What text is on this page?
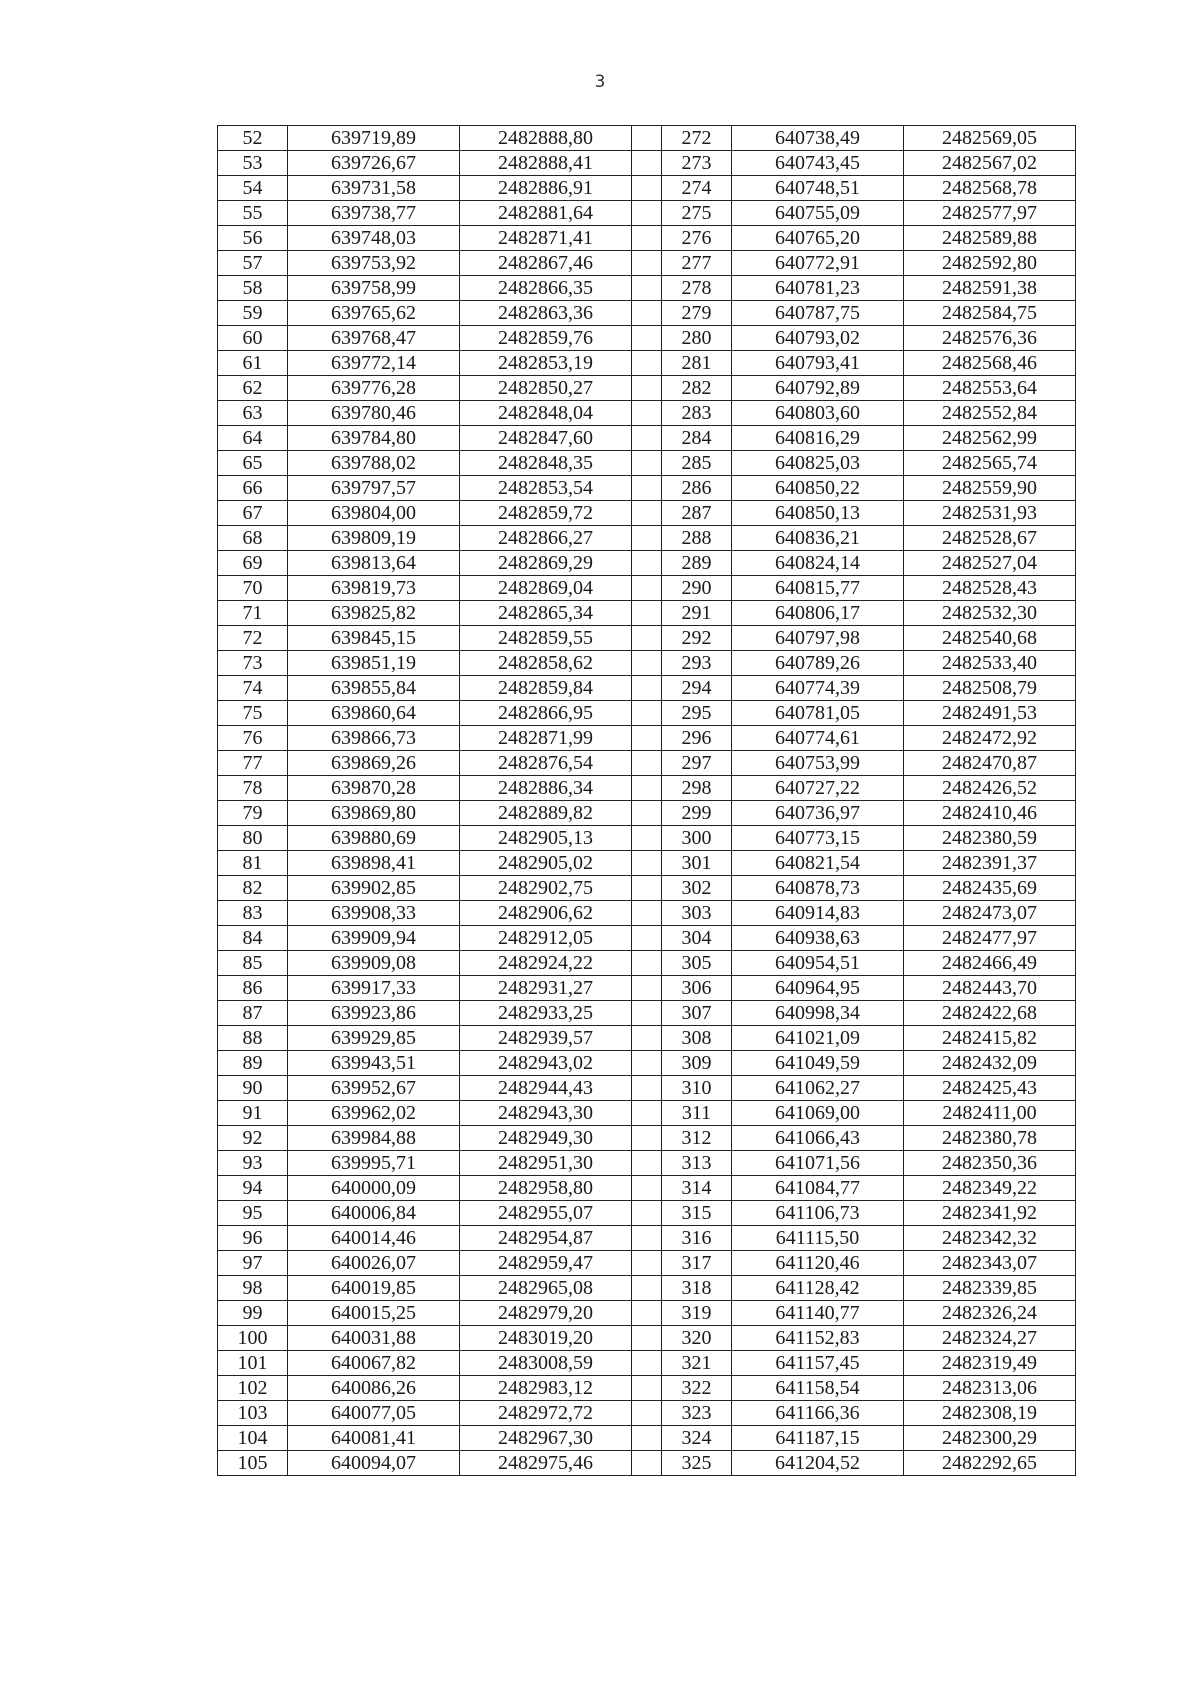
3
52	639719,89	2482888,80		272	640738,49	2482569,05
53	639726,67	2482888,41		273	640743,45	2482567,02
54	639731,58	2482886,91		274	640748,51	2482568,78
55	639738,77	2482881,64		275	640755,09	2482577,97
56	639748,03	2482871,41		276	640765,20	2482589,88
57	639753,92	2482867,46		277	640772,91	2482592,80
58	639758,99	2482866,35		278	640781,23	2482591,38
59	639765,62	2482863,36		279	640787,75	2482584,75
60	639768,47	2482859,76		280	640793,02	2482576,36
61	639772,14	2482853,19		281	640793,41	2482568,46
62	639776,28	2482850,27		282	640792,89	2482553,64
63	639780,46	2482848,04		283	640803,60	2482552,84
64	639784,80	2482847,60		284	640816,29	2482562,99
65	639788,02	2482848,35		285	640825,03	2482565,74
66	639797,57	2482853,54		286	640850,22	2482559,90
67	639804,00	2482859,72		287	640850,13	2482531,93
68	639809,19	2482866,27		288	640836,21	2482528,67
69	639813,64	2482869,29		289	640824,14	2482527,04
70	639819,73	2482869,04		290	640815,77	2482528,43
71	639825,82	2482865,34		291	640806,17	2482532,30
72	639845,15	2482859,55		292	640797,98	2482540,68
73	639851,19	2482858,62		293	640789,26	2482533,40
74	639855,84	2482859,84		294	640774,39	2482508,79
75	639860,64	2482866,95		295	640781,05	2482491,53
76	639866,73	2482871,99		296	640774,61	2482472,92
77	639869,26	2482876,54		297	640753,99	2482470,87
78	639870,28	2482886,34		298	640727,22	2482426,52
79	639869,80	2482889,82		299	640736,97	2482410,46
80	639880,69	2482905,13		300	640773,15	2482380,59
81	639898,41	2482905,02		301	640821,54	2482391,37
82	639902,85	2482902,75		302	640878,73	2482435,69
83	639908,33	2482906,62		303	640914,83	2482473,07
84	639909,94	2482912,05		304	640938,63	2482477,97
85	639909,08	2482924,22		305	640954,51	2482466,49
86	639917,33	2482931,27		306	640964,95	2482443,70
87	639923,86	2482933,25		307	640998,34	2482422,68
88	639929,85	2482939,57		308	641021,09	2482415,82
89	639943,51	2482943,02		309	641049,59	2482432,09
90	639952,67	2482944,43		310	641062,27	2482425,43
91	639962,02	2482943,30		311	641069,00	2482411,00
92	639984,88	2482949,30		312	641066,43	2482380,78
93	639995,71	2482951,30		313	641071,56	2482350,36
94	640000,09	2482958,80		314	641084,77	2482349,22
95	640006,84	2482955,07		315	641106,73	2482341,92
96	640014,46	2482954,87		316	641115,50	2482342,32
97	640026,07	2482959,47		317	641120,46	2482343,07
98	640019,85	2482965,08		318	641128,42	2482339,85
99	640015,25	2482979,20		319	641140,77	2482326,24
100	640031,88	2483019,20		320	641152,83	2482324,27
101	640067,82	2483008,59		321	641157,45	2482319,49
102	640086,26	2482983,12		322	641158,54	2482313,06
103	640077,05	2482972,72		323	641166,36	2482308,19
104	640081,41	2482967,30		324	641187,15	2482300,29
105	640094,07	2482975,46		325	641204,52	2482292,65
